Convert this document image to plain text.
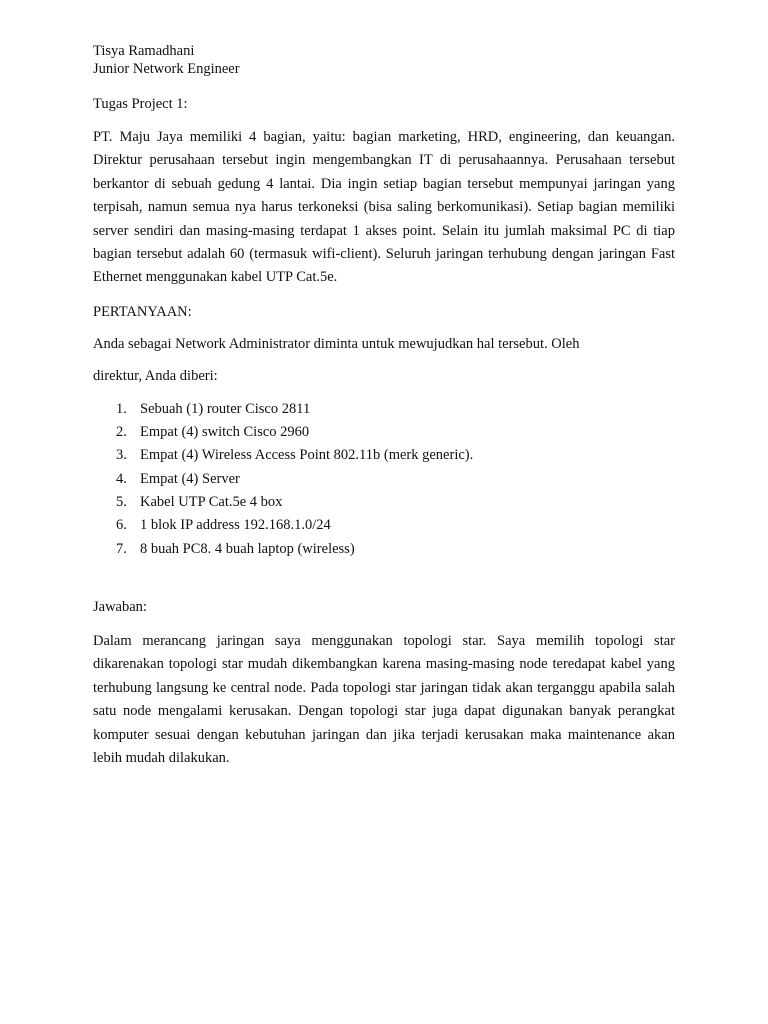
Tisya Ramadhani

Junior Network Engineer

Tugas Project 1:

PT. Maju Jaya memiliki 4 bagian, yaitu: bagian marketing, HRD, engineering, dan keuangan. Direktur perusahaan tersebut ingin mengembangkan IT di perusahaannya. Perusahaan tersebut berkantor di sebuah gedung 4 lantai. Dia ingin setiap bagian tersebut mempunyai jaringan yang terpisah, namun semua nya harus terkoneksi (bisa saling berkomunikasi). Setiap bagian memiliki server sendiri dan masing-masing terdapat 1 akses point. Selain itu jumlah maksimal PC di tiap bagian tersebut adalah 60 (termasuk wifi-client). Seluruh jaringan terhubung dengan jaringan Fast Ethernet menggunakan kabel UTP Cat.5e.

PERTANYAAN:

Anda sebagai Network Administrator diminta untuk mewujudkan hal tersebut. Oleh

direktur, Anda diberi:

1. Sebuah (1) router Cisco 2811
2. Empat (4) switch Cisco 2960
3. Empat (4) Wireless Access Point 802.11b (merk generic).
4. Empat (4) Server
5. Kabel UTP Cat.5e 4 box
6. 1 blok IP address 192.168.1.0/24
7. 8 buah PC8. 4 buah laptop (wireless)

Jawaban:

Dalam merancang jaringan saya menggunakan topologi star. Saya memilih topologi star dikarenakan topologi star mudah dikembangkan karena masing-masing node teredapat kabel yang terhubung langsung ke central node. Pada topologi star jaringan tidak akan terganggu apabila salah satu node mengalami kerusakan. Dengan topologi star juga dapat digunakan banyak perangkat komputer sesuai dengan kebutuhan jaringan dan jika terjadi kerusakan maka maintenance akan lebih mudah dilakukan.
